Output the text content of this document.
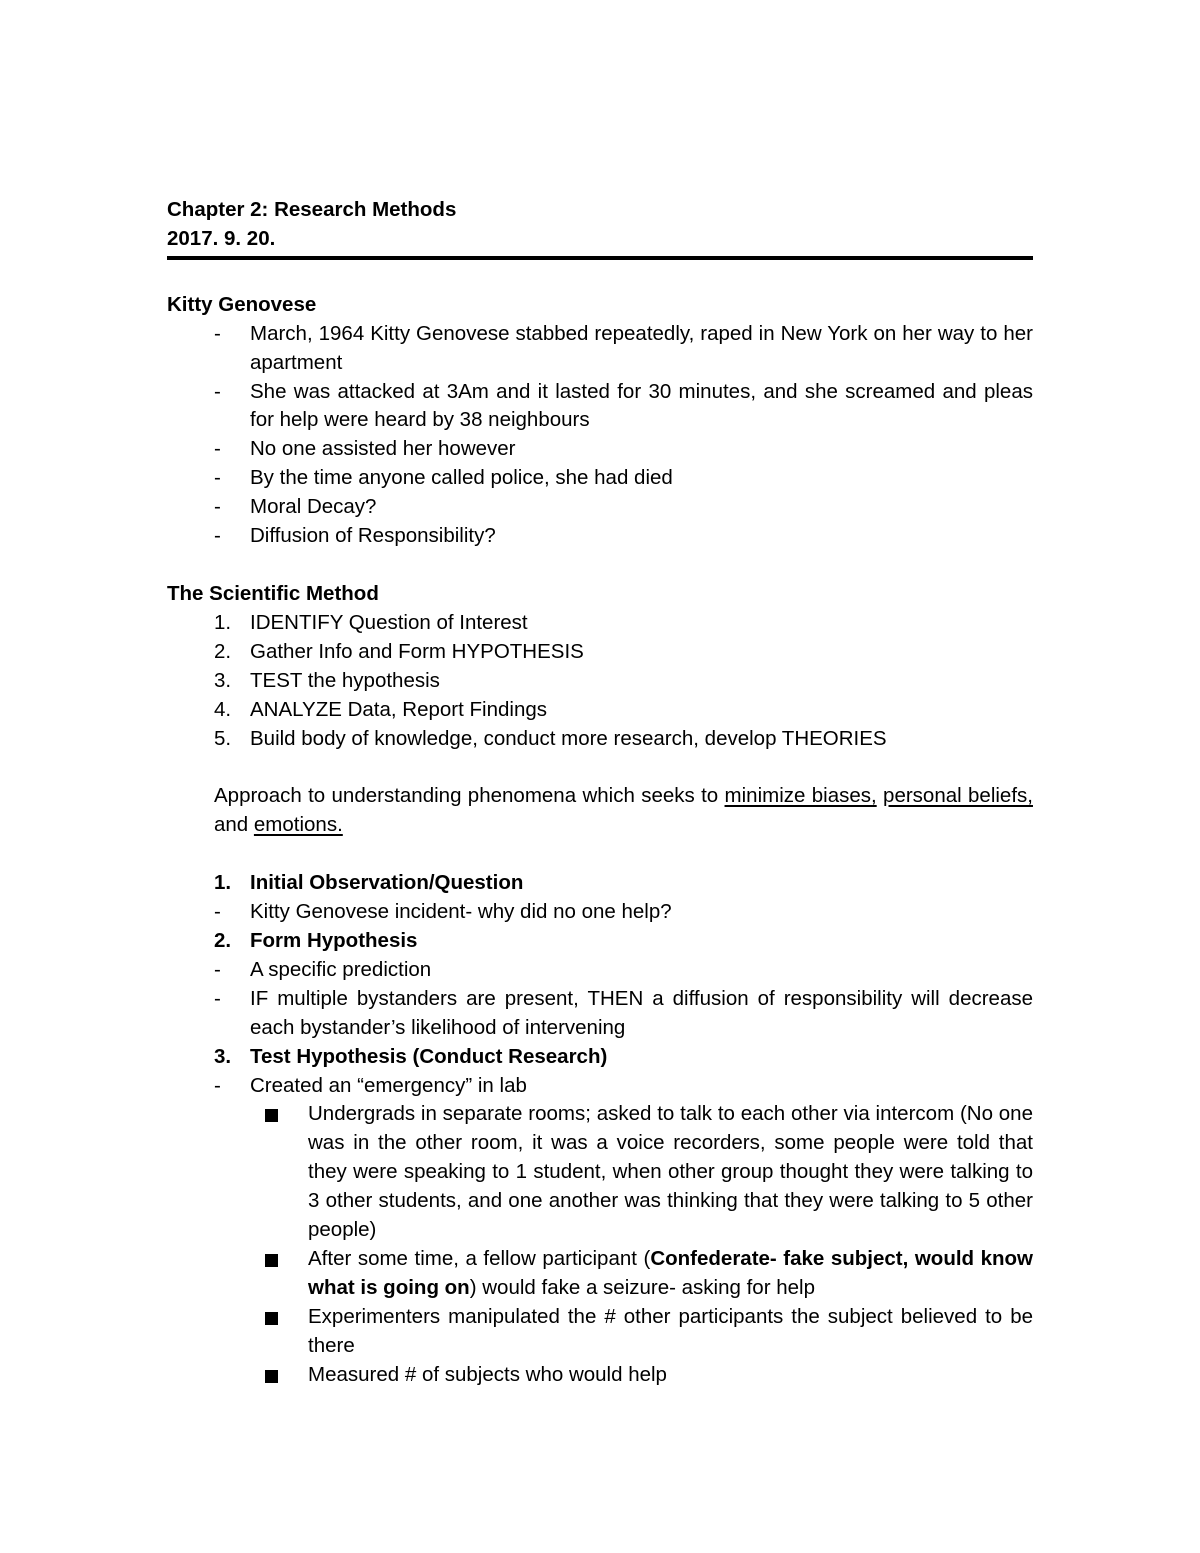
Chapter 2: Research Methods
2017. 9. 20.
Kitty Genovese
- March, 1964 Kitty Genovese stabbed repeatedly, raped in New York on her way to her apartment
- She was attacked at 3Am and it lasted for 30 minutes, and she screamed and pleas for help were heard by 38 neighbours
- No one assisted her however
- By the time anyone called police, she had died
- Moral Decay?
- Diffusion of Responsibility?
The Scientific Method
1. IDENTIFY Question of Interest
2. Gather Info and Form HYPOTHESIS
3. TEST the hypothesis
4. ANALYZE Data, Report Findings
5. Build body of knowledge, conduct more research, develop THEORIES
Approach to understanding phenomena which seeks to minimize biases, personal beliefs, and emotions.
1. Initial Observation/Question
- Kitty Genovese incident- why did no one help?
2. Form Hypothesis
- A specific prediction
- IF multiple bystanders are present, THEN a diffusion of responsibility will decrease each bystander’s likelihood of intervening
3. Test Hypothesis (Conduct Research)
- Created an “emergency” in lab
Undergrads in separate rooms; asked to talk to each other via intercom (No one was in the other room, it was a voice recorders, some people were told that they were speaking to 1 student, when other group thought they were talking to 3 other students, and one another was thinking that they were talking to 5 other people)
After some time, a fellow participant (Confederate- fake subject, would know what is going on) would fake a seizure- asking for help
Experimenters manipulated the # other participants the subject believed to be there
Measured # of subjects who would help
